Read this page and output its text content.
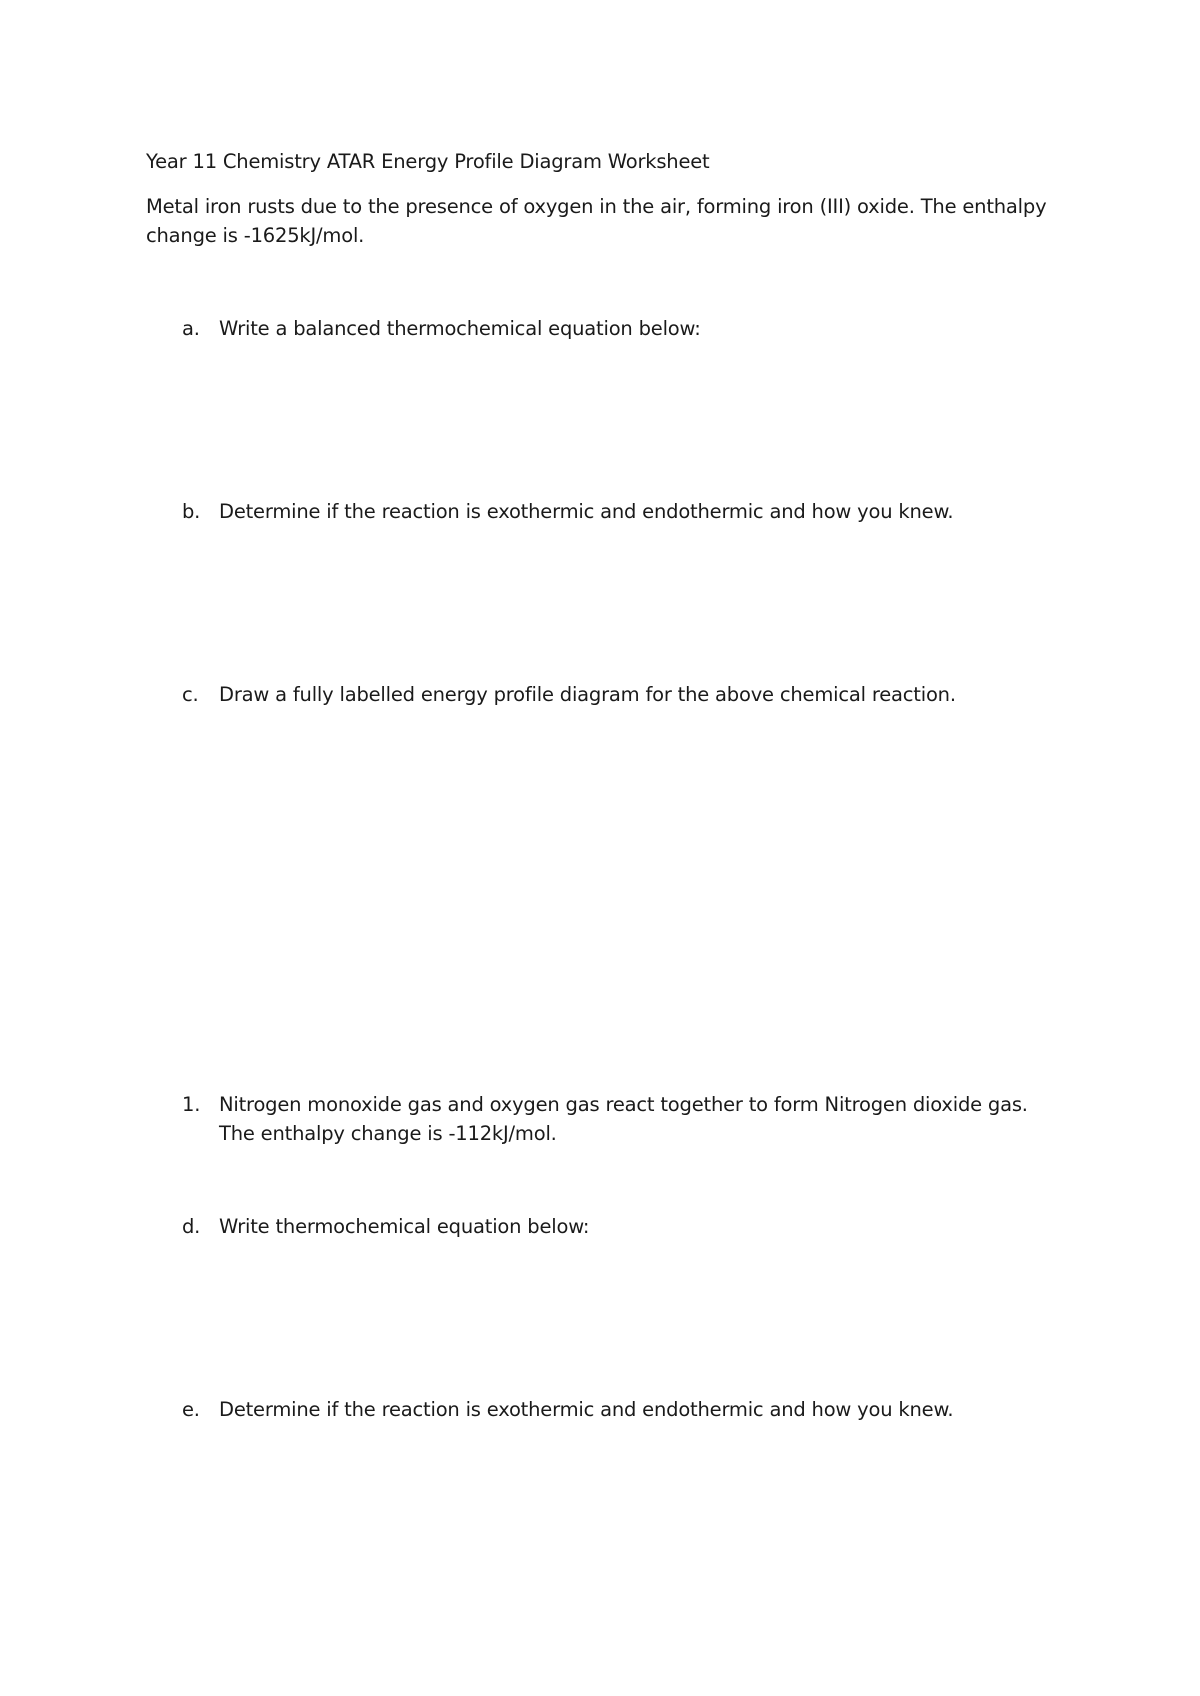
Year 11 Chemistry ATAR Energy Profile Diagram Worksheet
Metal iron rusts due to the presence of oxygen in the air, forming iron (III) oxide. The enthalpy change is -1625kJ/mol.
a. Write a balanced thermochemical equation below:
b. Determine if the reaction is exothermic and endothermic and how you knew.
c.	Draw a fully labelled energy profile diagram for the above chemical reaction.
1. Nitrogen monoxide gas and oxygen gas react together to form Nitrogen dioxide gas. The enthalpy change is -112kJ/mol.
d. Write thermochemical equation below:
e. Determine if the reaction is exothermic and endothermic and how you knew.
